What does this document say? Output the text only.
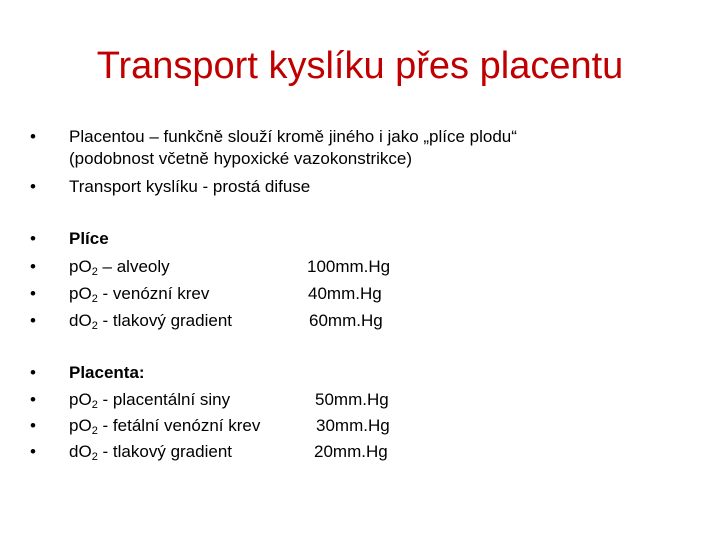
Transport kyslíku přes placentu
•	Placentou – funkčně slouží kromě jiného i jako „plíce plodu“
(podobnost včetně hypoxické vazokonstrikce)
•	Transport kyslíku - prostá difuse
•	Plíce
•	$pO_2$ – alveoly	100mm.Hg
•	$pO_2$ - venózní krev	40mm.Hg
•	$dO_2$ - tlakový gradient	60mm.Hg
•	Placenta:
•	$pO_2$ - placentální siny	50mm.Hg
•	$pO_2$ - fetální venózní krev	30mm.Hg
•	$dO_2$ - tlakový gradient	20mm.Hg
